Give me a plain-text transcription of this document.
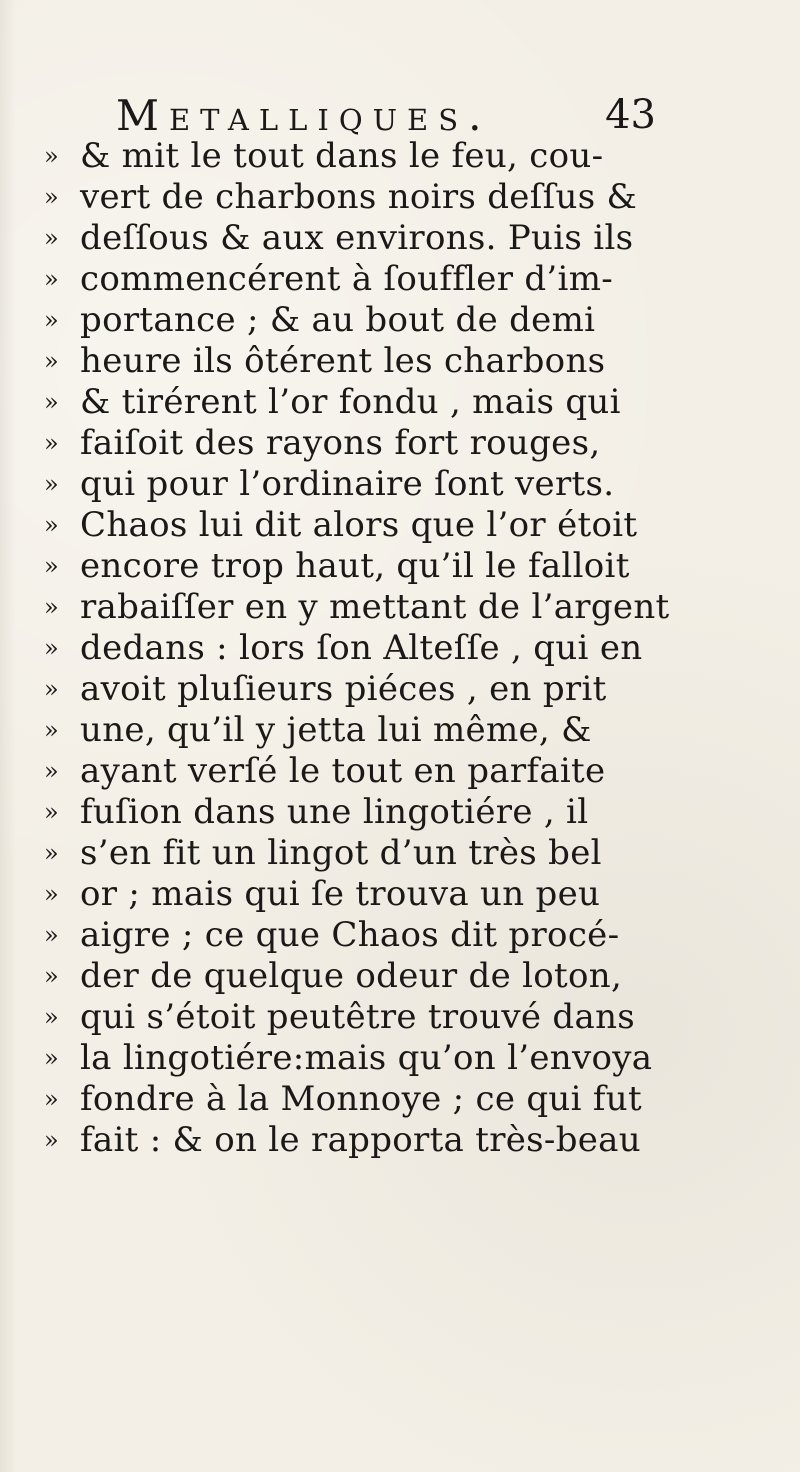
Metalliques.	43
» & mit le tout dans le feu, cou-
» vert de charbons noirs deſſus &
» deſſous & aux environs. Puis ils
» commencérent à ſouffler d’im-
» portance ; & au bout de demi
» heure ils ôtérent les charbons
» & tirérent l’or fondu , mais qui
» faiſoit des rayons fort rouges,
» qui pour l’ordinaire ſont verts.
» Chaos lui dit alors que l’or étoit
» encore trop haut, qu’il le falloit
» rabaiſſer en y mettant de l’argent
» dedans : lors ſon Alteſſe , qui en
» avoit pluſieurs piéces , en prit
» une, qu’il y jetta lui même, &
» ayant verſé le tout en parfaite
» fuſion dans une lingotiére , il
» s’en fit un lingot d’un très bel
» or ; mais qui ſe trouva un peu
» aigre ; ce que Chaos dit procé-
» der de quelque odeur de loton,
» qui s’étoit peutêtre trouvé dans
» la lingotiére:mais qu’on l’envoya
» fondre à la Monnoye ; ce qui fut
» fait : & on le rapporta très-beau
